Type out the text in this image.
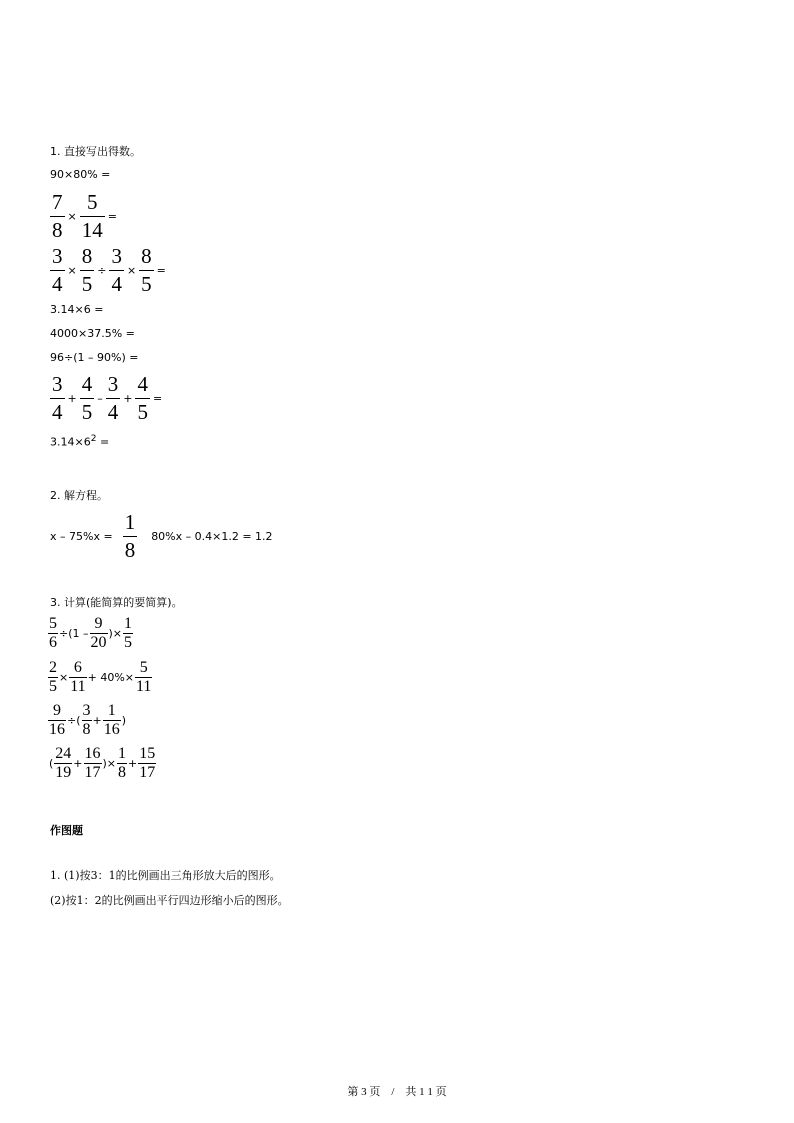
1. 直接写出得数。
90×80% =
$\frac{7}{8} \times \frac{5}{14}$ =
$\frac{3}{4} \times \frac{8}{5} \div \frac{3}{4} \times \frac{8}{5}$ =
3.14×6 =
4000×37.5% =
96÷(1 – 90%) =
$\frac{3}{4} + \frac{4}{5} - \frac{3}{4} + \frac{4}{5}$ =
$3.14\times 6^2$ =
2. 解方程。
$x - 75\%x = \frac{1}{8}$	80%x – 0.4×1.2 = 1.2
3. 计算(能简算的要简算)。
$\frac{5}{6} \div(1 - \frac{9}{20}$ )× $\frac{1}{5}$
$\frac{2}{5} \times \frac{6}{11} + 40\%\times \frac{5}{11}$
$\frac{9}{16}$ ÷( $\frac{3}{8} + \frac{1}{16}$ )
( $\frac{24}{19} + \frac{16}{17}$ )× $\frac{1}{8} + \frac{15}{17}$
作图题
1. (1)按3：1的比例画出三角形放大后的图形。
(2)按1：2的比例画出平行四边形缩小后的图形。
第 3 页　/　共 1 1 页
